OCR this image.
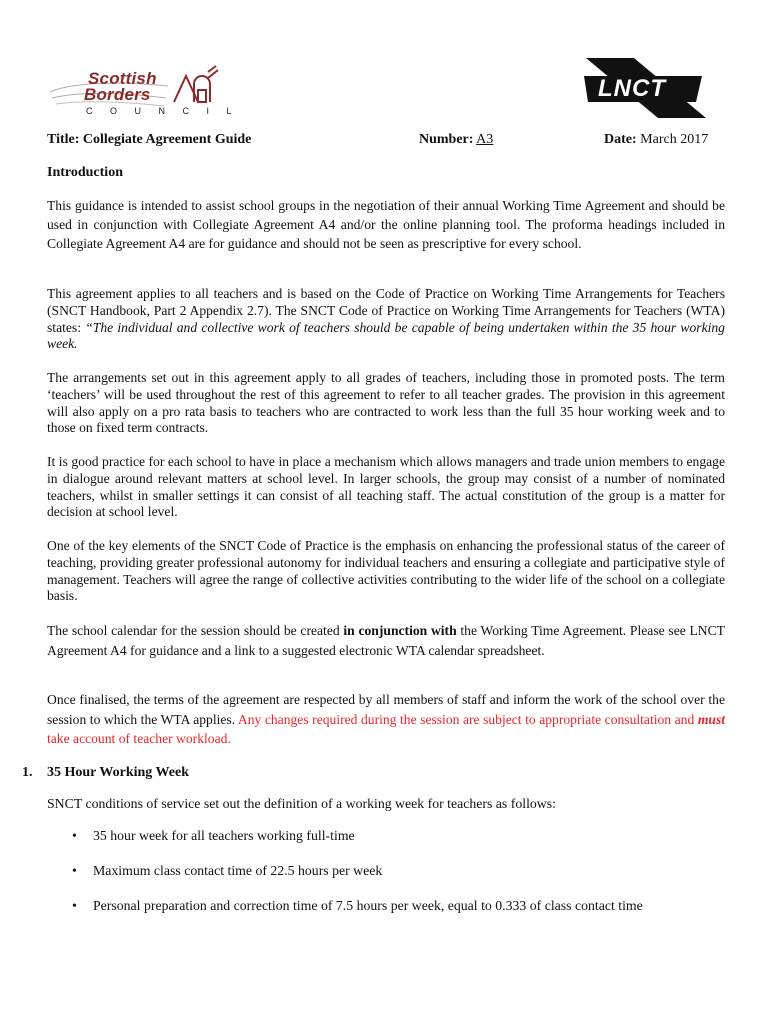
Scottish
Borders
COUNCIL
LNCT
Title: Collegiate Agreement Guide	Number: A3	Date: March 2017
Introduction
This guidance is intended to assist school groups in the negotiation of their annual Working Time Agreement and should be used in conjunction with Collegiate Agreement A4 and/or the online planning tool. The proforma headings included in Collegiate Agreement A4 are for guidance and should not be seen as prescriptive for every school.
This agreement applies to all teachers and is based on the Code of Practice on Working Time Arrangements for Teachers (SNCT Handbook, Part 2 Appendix 2.7). The SNCT Code of Practice on Working Time Arrangements for Teachers (WTA) states: “The individual and collective work of teachers should be capable of being undertaken within the 35 hour working week.
The arrangements set out in this agreement apply to all grades of teachers, including those in promoted posts. The term ‘teachers’ will be used throughout the rest of this agreement to refer to all teacher grades. The provision in this agreement will also apply on a pro rata basis to teachers who are contracted to work less than the full 35 hour working week and to those on fixed term contracts.
It is good practice for each school to have in place a mechanism which allows managers and trade union members to engage in dialogue around relevant matters at school level. In larger schools, the group may consist of a number of nominated teachers, whilst in smaller settings it can consist of all teaching staff. The actual constitution of the group is a matter for decision at school level.
One of the key elements of the SNCT Code of Practice is the emphasis on enhancing the professional status of the career of teaching, providing greater professional autonomy for individual teachers and ensuring a collegiate and participative style of management. Teachers will agree the range of collective activities contributing to the wider life of the school on a collegiate basis.
The school calendar for the session should be created in conjunction with the Working Time Agreement. Please see LNCT Agreement A4 for guidance and a link to a suggested electronic WTA calendar spreadsheet.
Once finalised, the terms of the agreement are respected by all members of staff and inform the work of the school over the session to which the WTA applies. Any changes required during the session are subject to appropriate consultation and must take account of teacher workload.
1. 35 Hour Working Week
SNCT conditions of service set out the definition of a working week for teachers as follows:
• 35 hour week for all teachers working full-time
• Maximum class contact time of 22.5 hours per week
• Personal preparation and correction time of 7.5 hours per week, equal to 0.333 of class contact time
